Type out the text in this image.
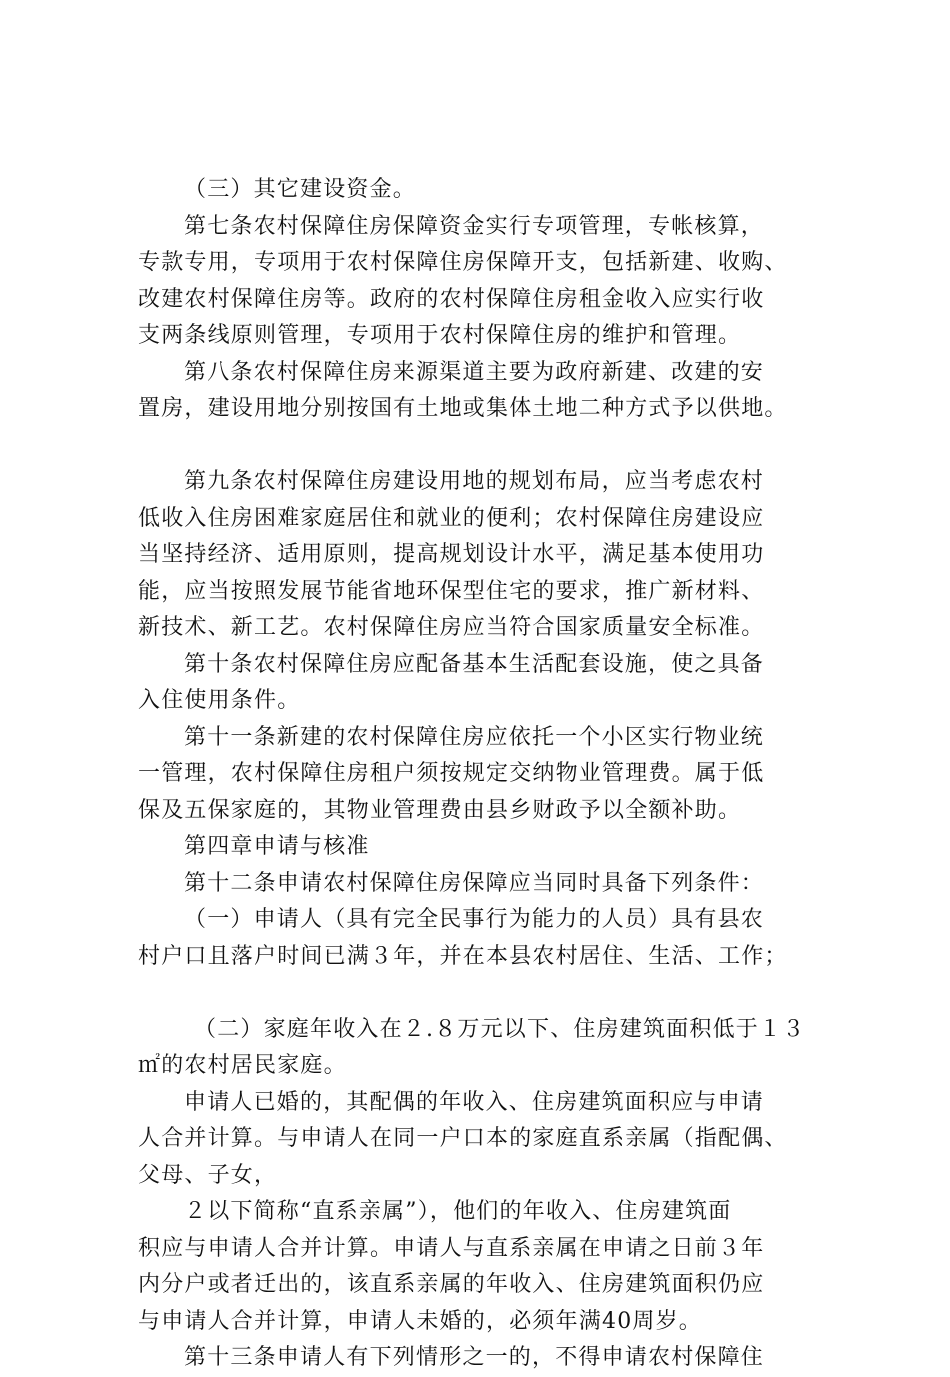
（三）其它建设资金。
第七条农村保障住房保障资金实行专项管理，专帐核算，
专款专用，专项用于农村保障住房保障开支，包括新建、收购、
改建农村保障住房等。政府的农村保障住房租金收入应实行收
支两条线原则管理，专项用于农村保障住房的维护和管理。
第八条农村保障住房来源渠道主要为政府新建、改建的安
置房，建设用地分别按国有土地或集体土地二种方式予以供地。
第九条农村保障住房建设用地的规划布局，应当考虑农村
低收入住房困难家庭居住和就业的便利；农村保障住房建设应
当坚持经济、适用原则，提高规划设计水平，满足基本使用功
能，应当按照发展节能省地环保型住宅的要求，推广新材料、
新技术、新工艺。农村保障住房应当符合国家质量安全标准。
第十条农村保障住房应配备基本生活配套设施，使之具备
入住使用条件。
第十一条新建的农村保障住房应依托一个小区实行物业统
一管理，农村保障住房租户须按规定交纳物业管理费。属于低
保及五保家庭的，其物业管理费由县乡财政予以全额补助。
第四章申请与核准
第十二条申请农村保障住房保障应当同时具备下列条件：
（一）申请人（具有完全民事行为能力的人员）具有县农
村户口且落户时间已满３年，并在本县农村居住、生活、工作；
（二）家庭年收入在２.８万元以下、住房建筑面积低于１３
㎡的农村居民家庭。
申请人已婚的，其配偶的年收入、住房建筑面积应与申请
人合并计算。与申请人在同一户口本的家庭直系亲属（指配偶、
父母、子女，
２以下简称“直系亲属”），他们的年收入、住房建筑面
积应与申请人合并计算。申请人与直系亲属在申请之日前３年
内分户或者迁出的，该直系亲属的年收入、住房建筑面积仍应
与申请人合并计算，申请人未婚的，必须年满40周岁。
第十三条申请人有下列情形之一的，不得申请农村保障住
